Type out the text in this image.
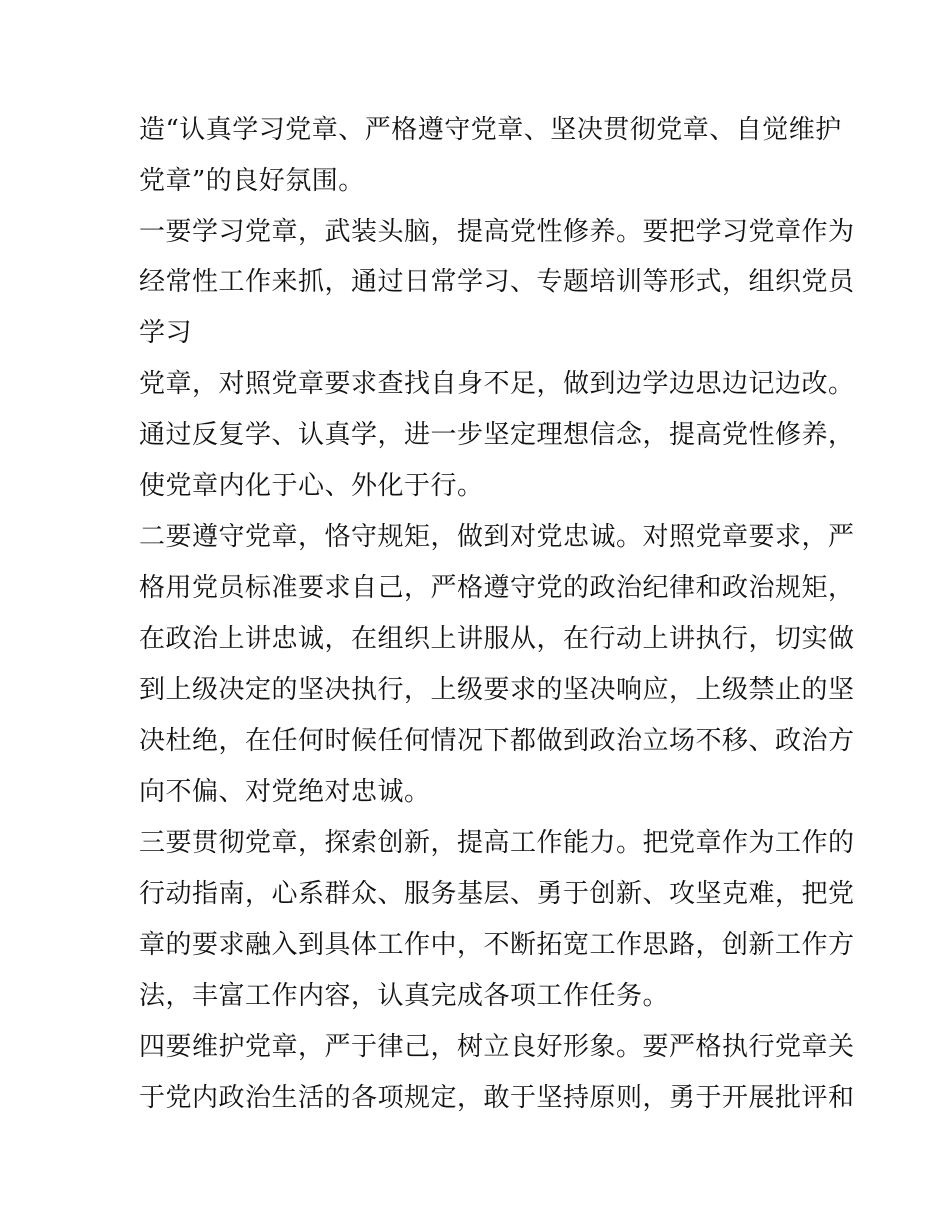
造“认真学习党章、严格遵守党章、坚决贯彻党章、自觉维护
党章”的良好氛围。
一要学习党章，武装头脑，提高党性修养。要把学习党章作为
经常性工作来抓，通过日常学习、专题培训等形式，组织党员
学习
党章，对照党章要求查找自身不足，做到边学边思边记边改。
通过反复学、认真学，进一步坚定理想信念，提高党性修养，
使党章内化于心、外化于行。
二要遵守党章，恪守规矩，做到对党忠诚。对照党章要求，严
格用党员标准要求自己，严格遵守党的政治纪律和政治规矩，
在政治上讲忠诚，在组织上讲服从，在行动上讲执行，切实做
到上级决定的坚决执行，上级要求的坚决响应，上级禁止的坚
决杜绝，在任何时候任何情况下都做到政治立场不移、政治方
向不偏、对党绝对忠诚。
三要贯彻党章，探索创新，提高工作能力。把党章作为工作的
行动指南，心系群众、服务基层、勇于创新、攻坚克难，把党
章的要求融入到具体工作中，不断拓宽工作思路，创新工作方
法，丰富工作内容，认真完成各项工作任务。
四要维护党章，严于律己，树立良好形象。要严格执行党章关
于党内政治生活的各项规定，敢于坚持原则，勇于开展批评和
